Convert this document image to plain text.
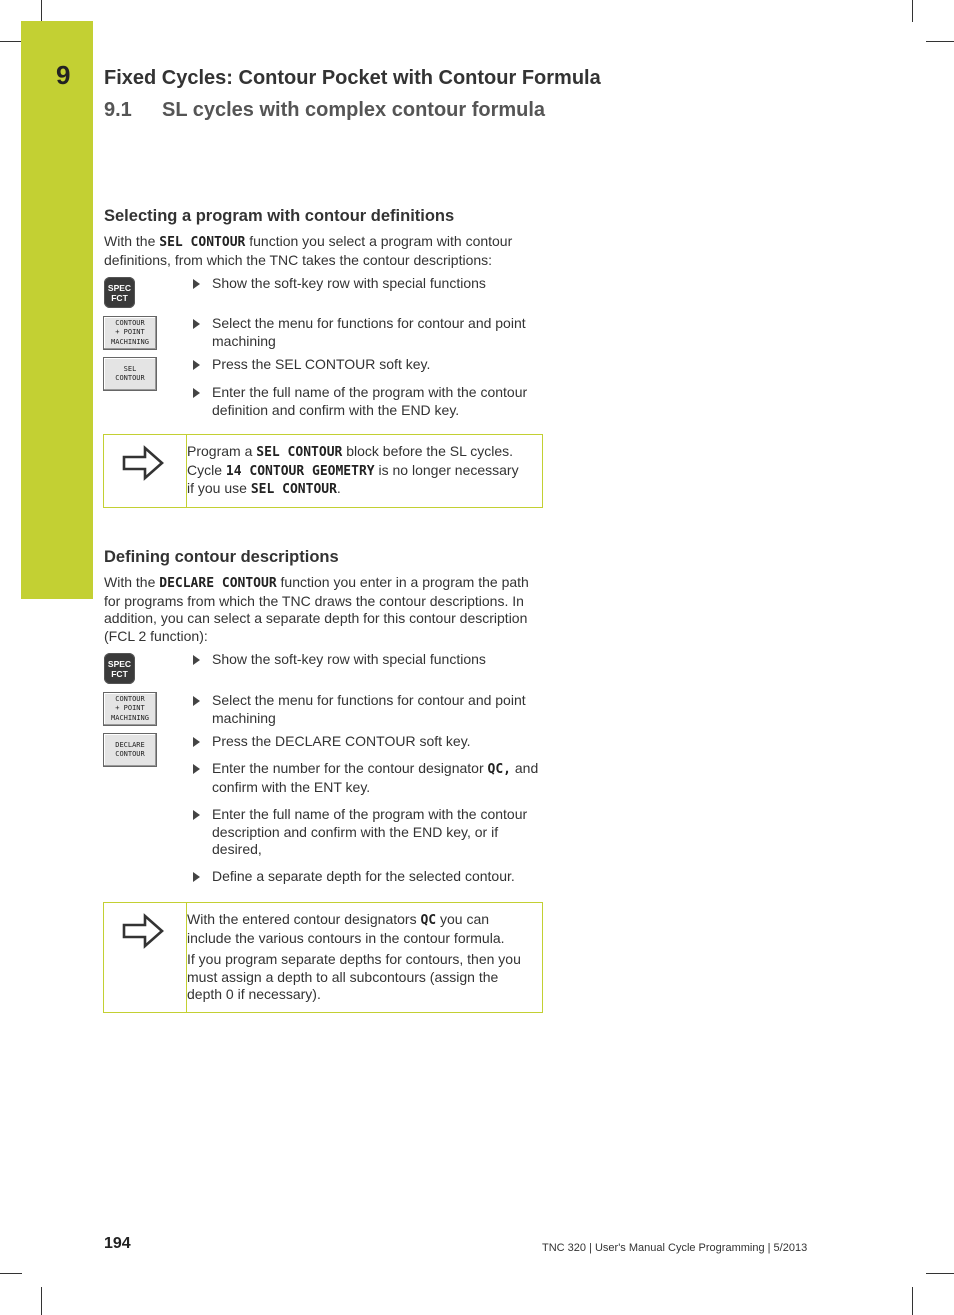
9 Fixed Cycles: Contour Pocket with Contour Formula
9.1 SL cycles with complex contour formula
Selecting a program with contour definitions
With the SEL CONTOUR function you select a program with contour definitions, from which the TNC takes the contour descriptions:
SPEC
FCT
CONTOUR
+ POINT
MACHINING
SEL
CONTOUR
Show the soft-key row with special functions
Select the menu for functions for contour and point machining
Press the SEL CONTOUR soft key.
Enter the full name of the program with the contour definition and confirm with the END key.
Program a SEL CONTOUR block before the SL cycles. Cycle 14 CONTOUR GEOMETRY is no longer necessary if you use SEL CONTOUR.
Defining contour descriptions
With the DECLARE CONTOUR function you enter in a program the path for programs from which the TNC draws the contour descriptions. In addition, you can select a separate depth for this contour description (FCL 2 function):
SPEC
FCT
CONTOUR
+ POINT
MACHINING
DECLARE
CONTOUR
Show the soft-key row with special functions
Select the menu for functions for contour and point machining
Press the DECLARE CONTOUR soft key.
Enter the number for the contour designator QC, and confirm with the ENT key.
Enter the full name of the program with the contour description and confirm with the END key, or if desired,
Define a separate depth for the selected contour.

With the entered contour designators QC you can include the various contours in the contour formula.

If you program separate depths for contours, then you must assign a depth to all subcontours (assign the depth 0 if necessary).

194	TNC 320 | User's Manual Cycle Programming | 5/2013
